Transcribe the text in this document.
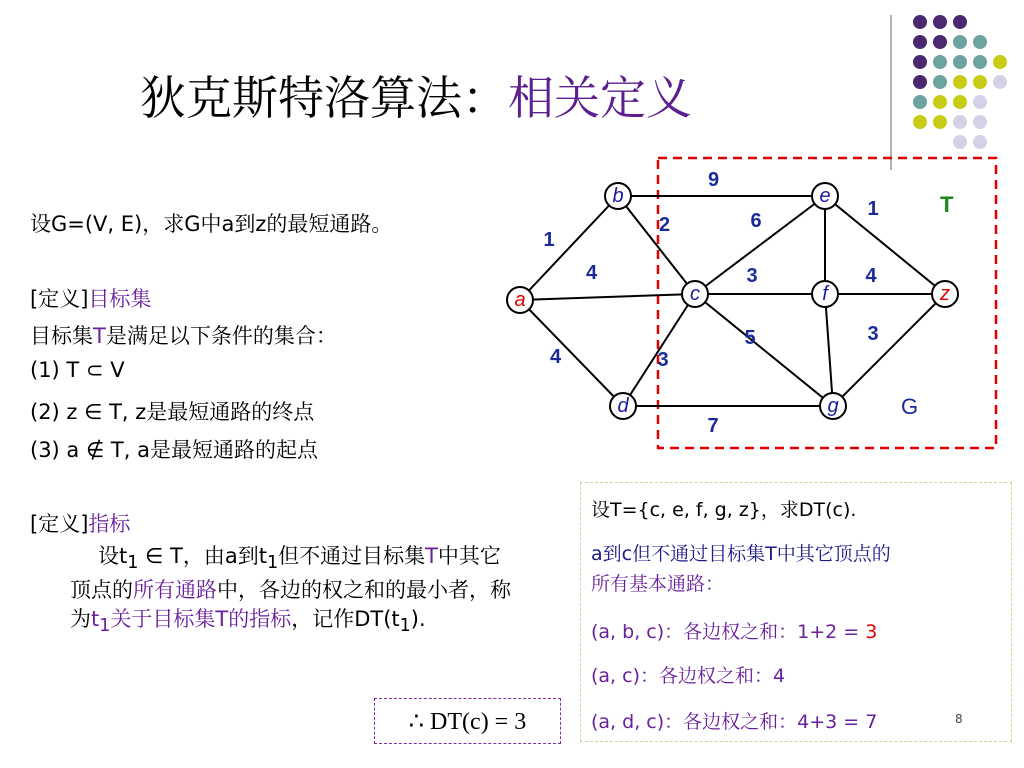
狄克斯特洛算法：相关定义
设G=(V, E)，求G中a到z的最短通路。
[定义]目标集
目标集T是满足以下条件的集合：
(1) T ⊂ V
(2) z ∈ T, z是最短通路的终点
(3) a ∉ T, a是最短通路的起点
[定义]指标
设$t_1$ ∈ T，由a到$t_1$但不通过目标集T中其它顶点的所有通路中，各边的权之和的最小者，称为$t_1$关于目标集T的指标，记作$DT(t_1)$.
1
4
4
2
9
3
6
3
5
7
1
4
3
a
b
c
d
e
f
g
z
T
G
设T={c, e, f, g, z}，求DT(c).
a到c但不通过目标集T中其它顶点的
所有基本通路：
(a, b, c)：各边权之和：1+2 = 3
(a, c)：各边权之和：4
(a, d, c)：各边权之和：4+3 = 7
∴ DT(c) = 3	8
